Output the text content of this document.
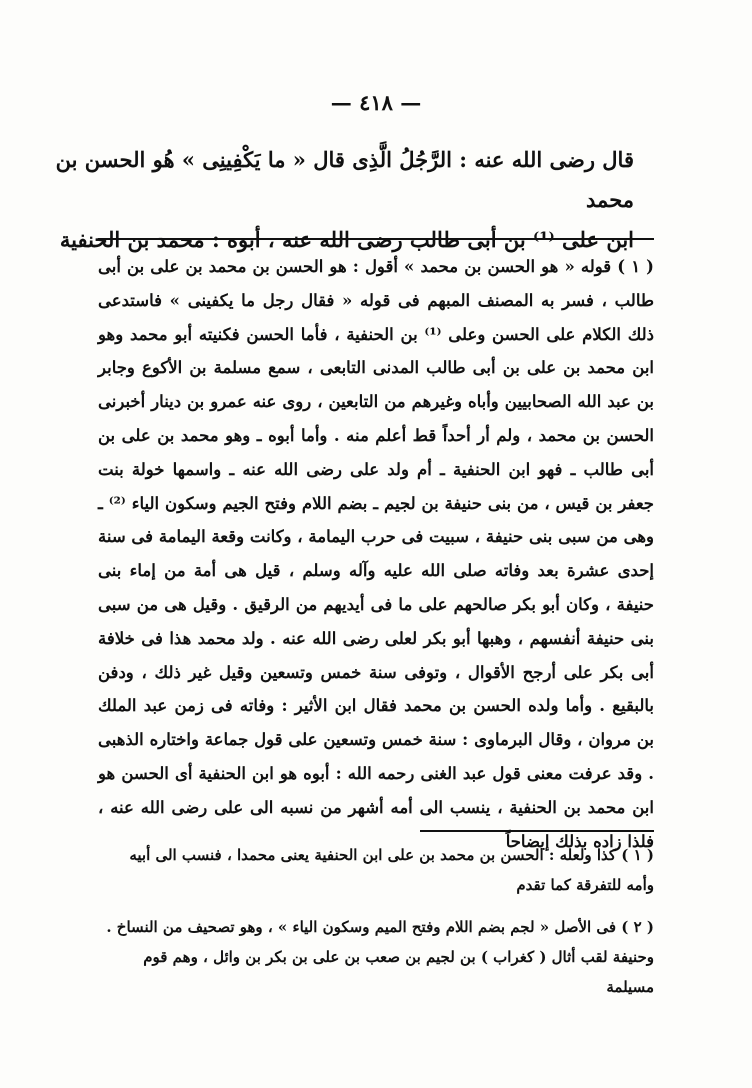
— ٤١٨ —
قال رضى الله عنه : الرَّجُلُ الَّذِى قال « ما يَكْفِينِى » هُو الحسن بن محمد
ابن على ⁽¹⁾ بن أبى طالب رضى الله عنه ، أبوه : محمد بن الحنفية
( ١ ) قوله « هو الحسن بن محمد » أقول : هو الحسن بن محمد بن على بن أبى طالب ، فسر به المصنف المبهم فى قوله « فقال رجل ما يكفينى » فاستدعى ذلك الكلام على الحسن وعلى ⁽¹⁾ بن الحنفية ، فأما الحسن فكنيته أبو محمد وهو ابن محمد بن على بن أبى طالب المدنى التابعى ، سمع مسلمة بن الأكوع وجابر بن عبد الله الصحابيين وأباه وغيرهم من التابعين ، روى عنه عمرو بن دينار أخبرنى الحسن بن محمد ، ولم أر أحداً قط أعلم منه . وأما أبوه ـ وهو محمد بن على بن أبى طالب ـ فهو ابن الحنفية ـ أم ولد على رضى الله عنه ـ واسمها خولة بنت جعفر بن قيس ، من بنى حنيفة بن لجيم ـ بضم اللام وفتح الجيم وسكون الياء ⁽²⁾ ـ وهى من سبى بنى حنيفة ، سبيت فى حرب اليمامة ، وكانت وقعة اليمامة فى سنة إحدى عشرة بعد وفاته صلى الله عليه وآله وسلم ، قيل هى أمة من إماء بنى حنيفة ، وكان أبو بكر صالحهم على ما فى أيديهم من الرقيق . وقيل هى من سبى بنى حنيفة أنفسهم ، وهبها أبو بكر لعلى رضى الله عنه . ولد محمد هذا فى خلافة أبى بكر على أرجح الأقوال ، وتوفى سنة خمس وتسعين وقيل غير ذلك ، ودفن بالبقيع . وأما ولده الحسن بن محمد فقال ابن الأثير : وفاته فى زمن عبد الملك بن مروان ، وقال البرماوى : سنة خمس وتسعين على قول جماعة واختاره الذهبى . وقد عرفت معنى قول عبد الغنى رحمه الله : أبوه هو ابن الحنفية أى الحسن هو ابن محمد بن الحنفية ، ينسب الى أمه أشهر من نسبه الى على رضى الله عنه ، فلذا زاده بذلك إيضاحاً

( ١ ) كذا ولعله : الحسن بن محمد بن على ابن الحنفية يعنى محمدا ، فنسب الى أبيه وأمه للتفرقة كما تقدم

( ٢ ) فى الأصل « لجم بضم اللام وفتح الميم وسكون الياء » ، وهو تصحيف من النساخ . وحنيفة لقب أثال ( كغراب ) بن لجيم بن صعب بن على بن بكر بن وائل ، وهم قوم مسيلمة
